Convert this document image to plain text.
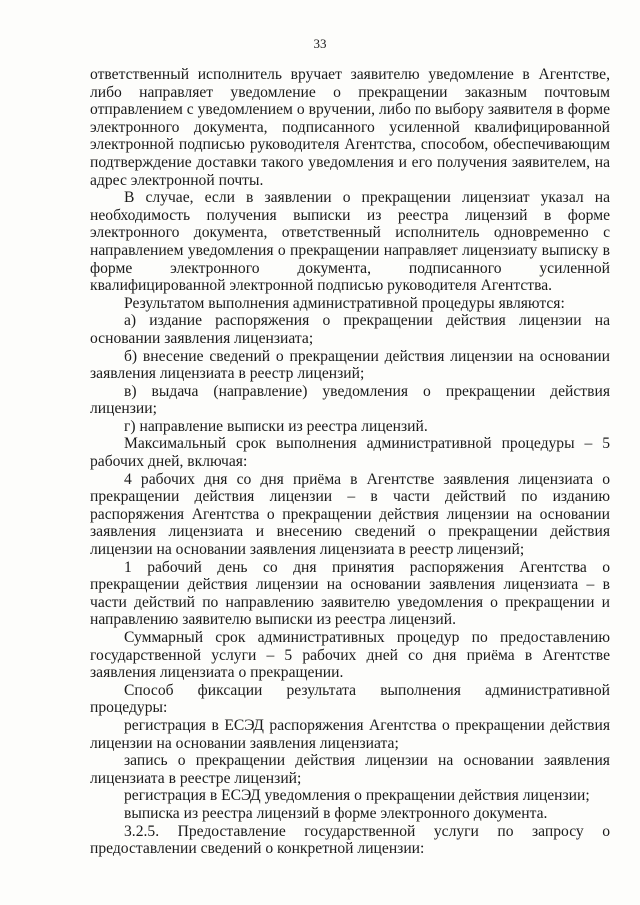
33

ответственный исполнитель вручает заявителю уведомление в Агентстве, либо направляет уведомление о прекращении заказным почтовым отправлением с уведомлением о вручении, либо по выбору заявителя в форме электронного документа, подписанного усиленной квалифицированной электронной подписью руководителя Агентства, способом, обеспечивающим подтверждение доставки такого уведомления и его получения заявителем, на адрес электронной почты.

В случае, если в заявлении о прекращении лицензиат указал на необходимость получения выписки из реестра лицензий в форме электронного документа, ответственный исполнитель одновременно с направлением уведомления о прекращении направляет лицензиату выписку в форме электронного документа, подписанного усиленной квалифицированной электронной подписью руководителя Агентства.

Результатом выполнения административной процедуры являются:

а) издание распоряжения о прекращении действия лицензии на основании заявления лицензиата;

б) внесение сведений о прекращении действия лицензии на основании заявления лицензиата в реестр лицензий;

в) выдача (направление) уведомления о прекращении действия лицензии;

г) направление выписки из реестра лицензий.

Максимальный срок выполнения административной процедуры – 5 рабочих дней, включая:

4 рабочих дня со дня приёма в Агентстве заявления лицензиата о прекращении действия лицензии – в части действий по изданию распоряжения Агентства о прекращении действия лицензии на основании заявления лицензиата и внесению сведений о прекращении действия лицензии на основании заявления лицензиата в реестр лицензий;

1 рабочий день со дня принятия распоряжения Агентства о прекращении действия лицензии на основании заявления лицензиата – в части действий по направлению заявителю уведомления о прекращении и направлению заявителю выписки из реестра лицензий.

Суммарный срок административных процедур по предоставлению государственной услуги – 5 рабочих дней со дня приёма в Агентстве заявления лицензиата о прекращении.

Способ фиксации результата выполнения административной процедуры:

регистрация в ЕСЭД распоряжения Агентства о прекращении действия лицензии на основании заявления лицензиата;

запись о прекращении действия лицензии на основании заявления лицензиата в реестре лицензий;

регистрация в ЕСЭД уведомления о прекращении действия лицензии;

выписка из реестра лицензий в форме электронного документа.

3.2.5. Предоставление государственной услуги по запросу о предоставлении сведений о конкретной лицензии:
